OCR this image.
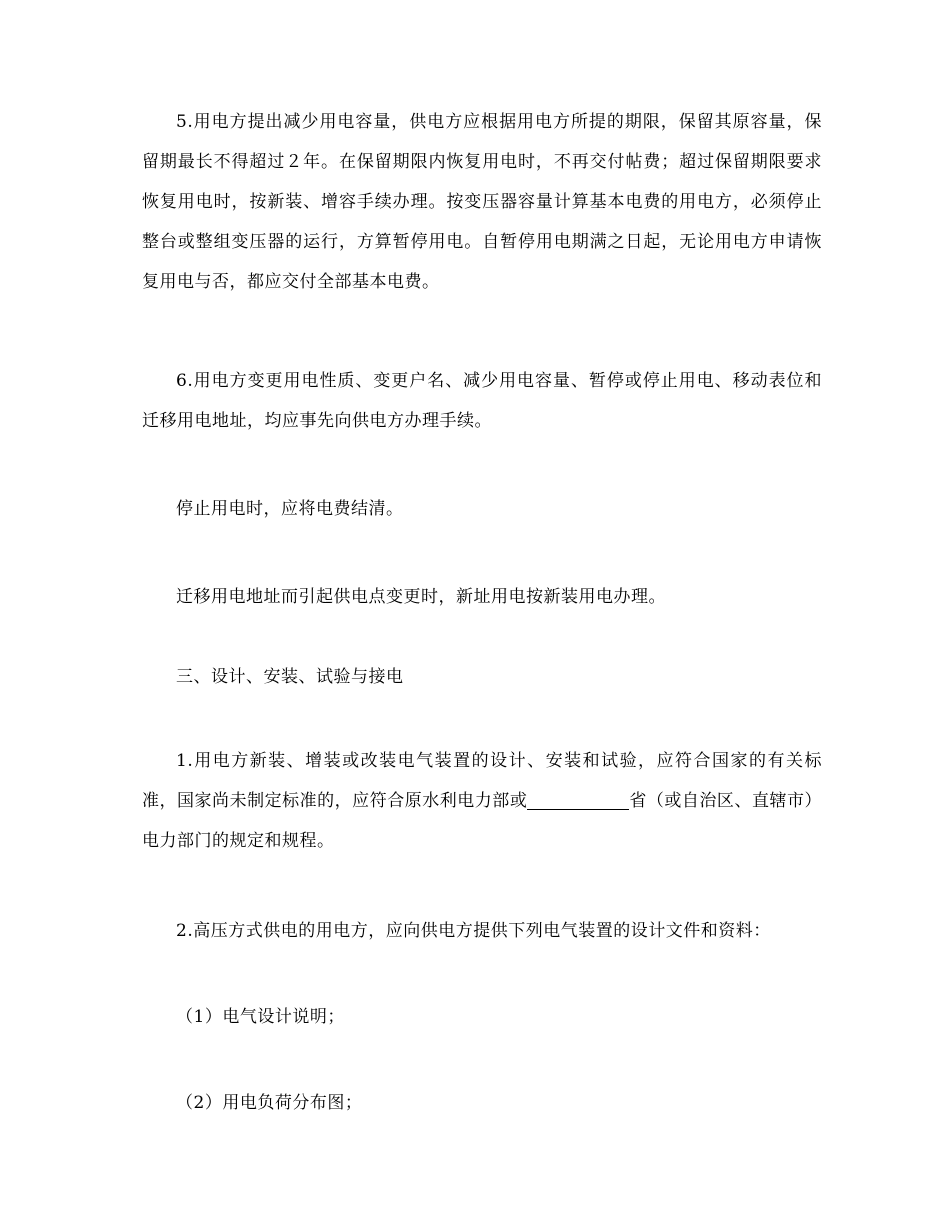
5.用电方提出减少用电容量，供电方应根据用电方所提的期限，保留其原容量，保留期最长不得超过２年。在保留期限内恢复用电时，不再交付帖费；超过保留期限要求恢复用电时，按新装、增容手续办理。按变压器容量计算基本电费的用电方，必须停止整台或整组变压器的运行，方算暂停用电。自暂停用电期满之日起，无论用电方申请恢复用电与否，都应交付全部基本电费。

6.用电方变更用电性质、变更户名、减少用电容量、暂停或停止用电、移动表位和迁移用电地址，均应事先向供电方办理手续。

停止用电时，应将电费结清。

迁移用电地址而引起供电点变更时，新址用电按新装用电办理。

三、设计、安装、试验与接电

1.用电方新装、增装或改装电气装置的设计、安装和试验，应符合国家的有关标准，国家尚未制定标准的，应符合原水利电力部或	省（或自治区、直辖市）电力部门的规定和规程。

2.高压方式供电的用电方，应向供电方提供下列电气装置的设计文件和资料：

（1）电气设计说明；

（2）用电负荷分布图；
